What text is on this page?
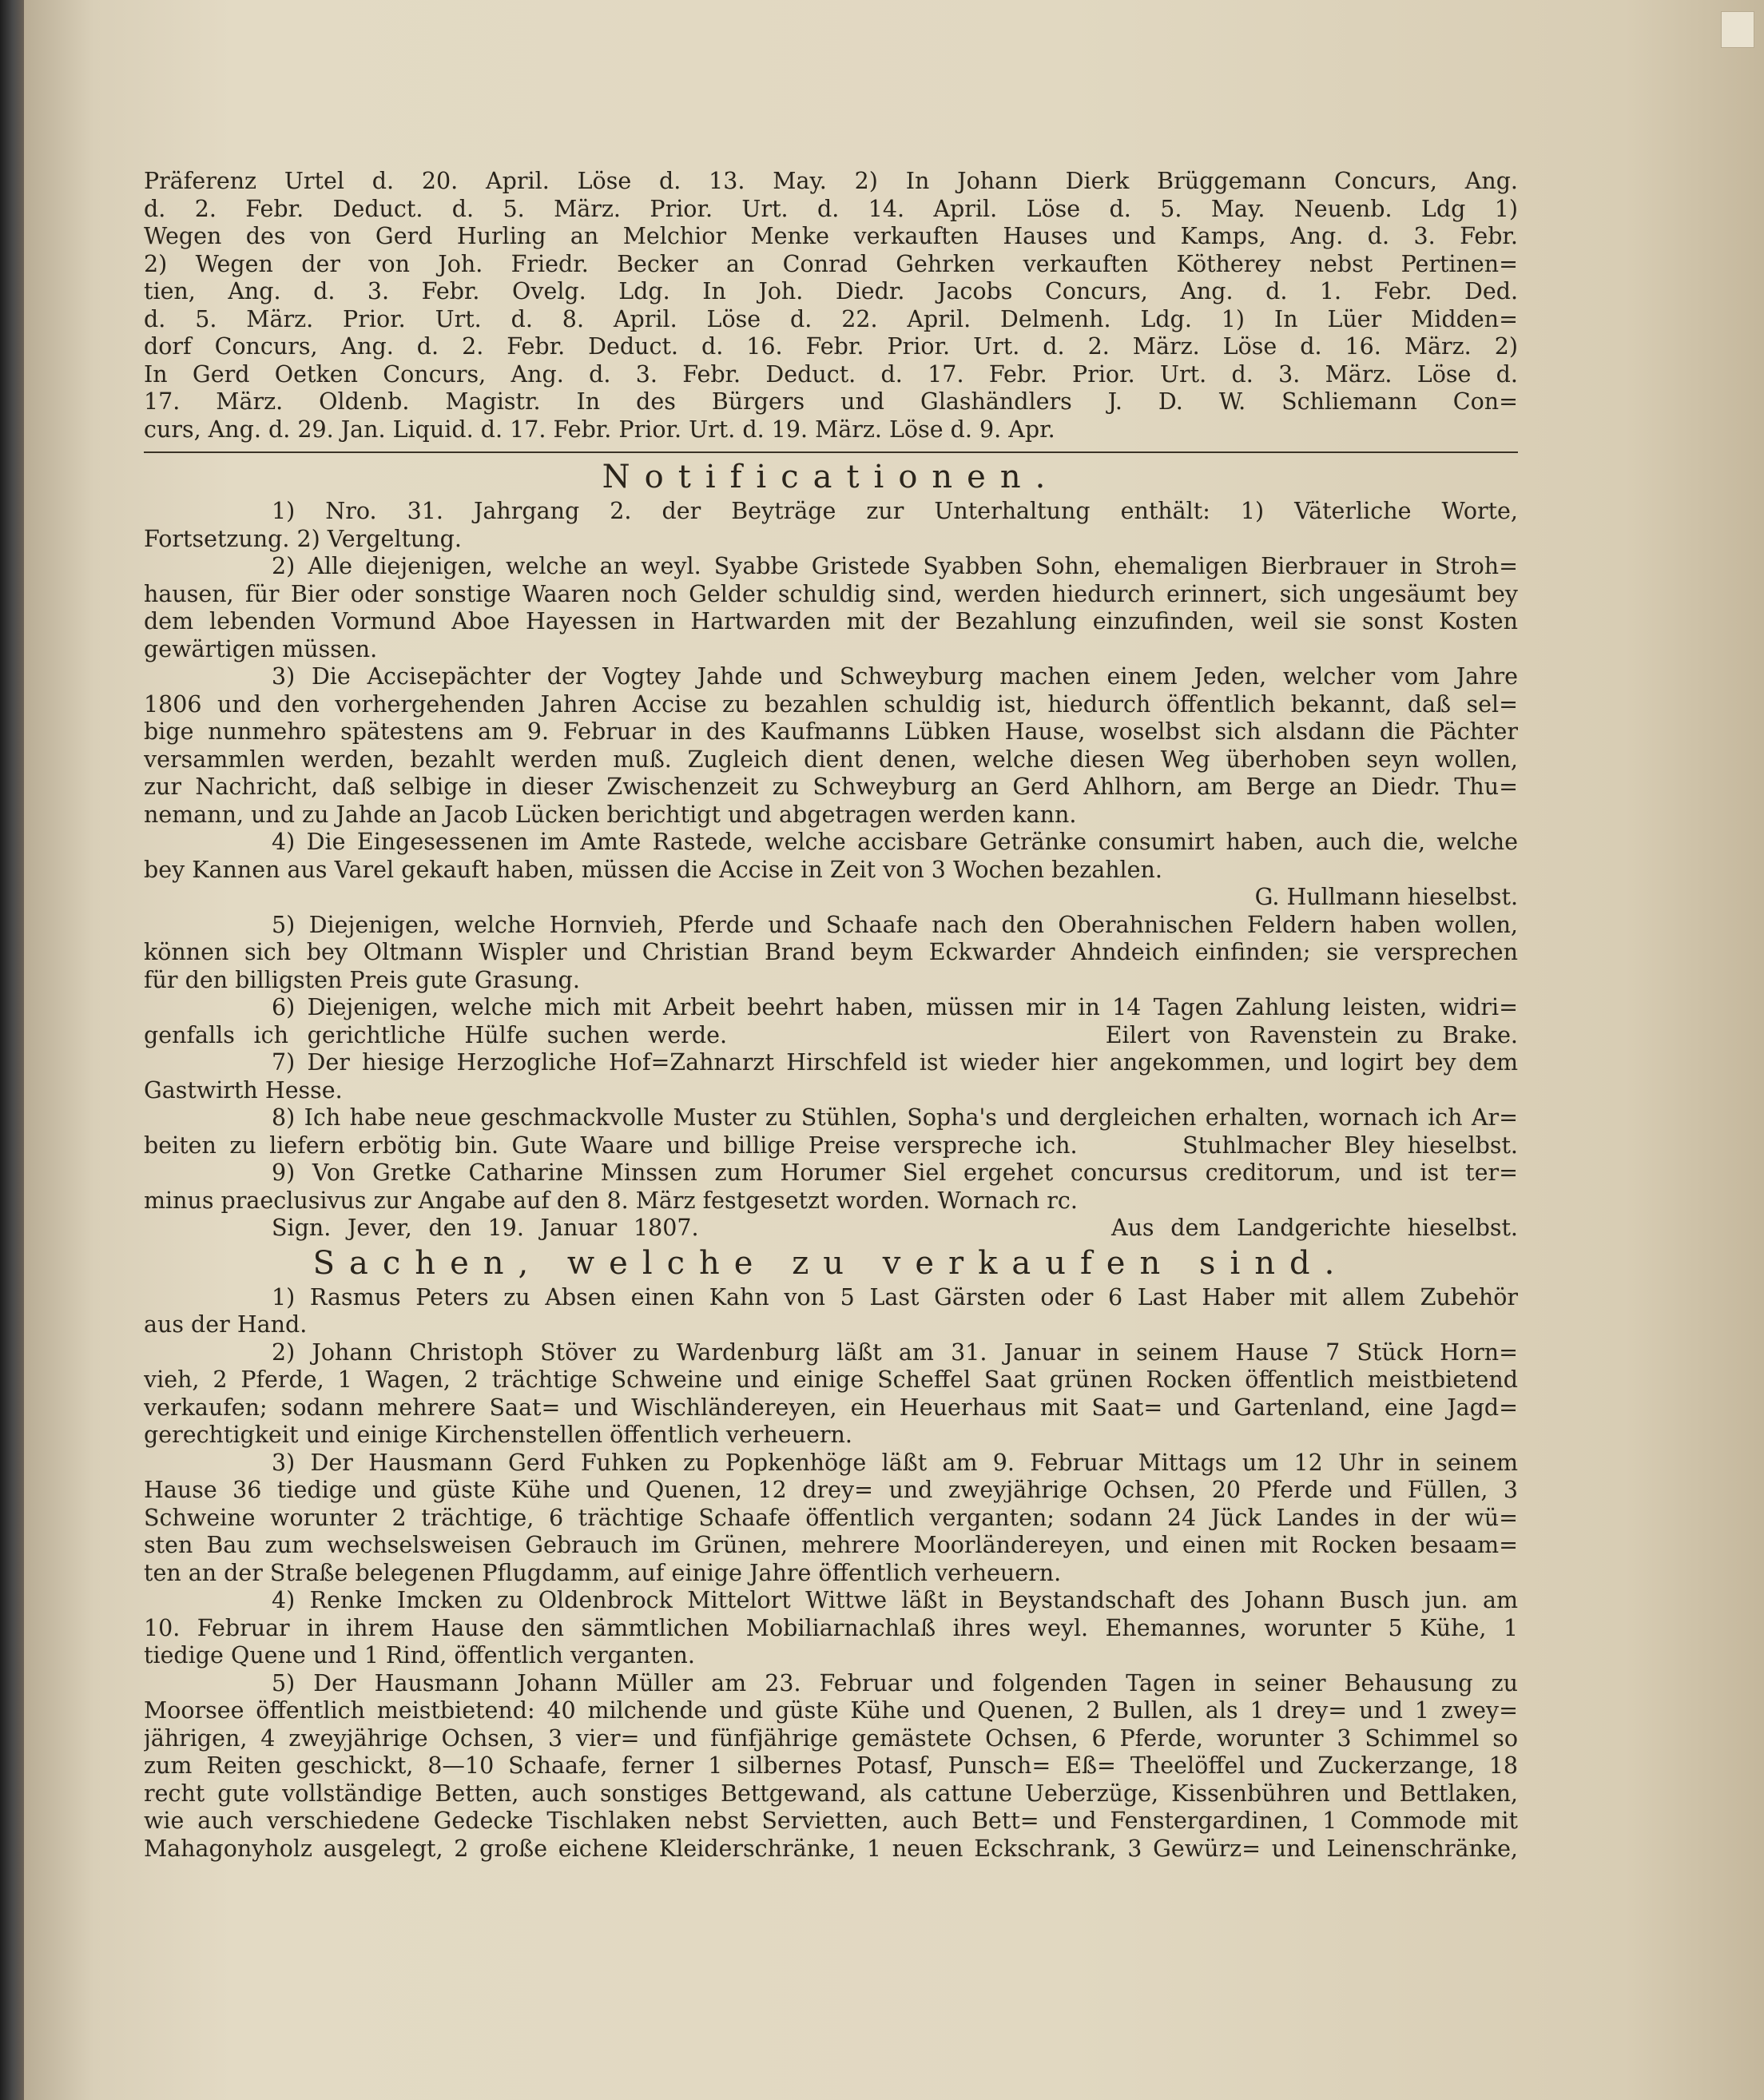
Präferenz Urtel d. 20. April. Löse d. 13. May. 2) In Johann Dierk Brüggemann Concurs, Ang.
d. 2. Febr. Deduct. d. 5. März. Prior. Urt. d. 14. April. Löse d. 5. May. Neuenb. Ldg 1)
Wegen des von Gerd Hurling an Melchior Menke verkauften Hauses und Kamps, Ang. d. 3. Febr.
2) Wegen der von Joh. Friedr. Becker an Conrad Gehrken verkauften Kötherey nebst Pertinen=
tien, Ang. d. 3. Febr. Ovelg. Ldg. In Joh. Diedr. Jacobs Concurs, Ang. d. 1. Febr. Ded.
d. 5. März. Prior. Urt. d. 8. April. Löse d. 22. April. Delmenh. Ldg. 1) In Lüer Midden=
dorf Concurs, Ang. d. 2. Febr. Deduct. d. 16. Febr. Prior. Urt. d. 2. März. Löse d. 16. März. 2)
In Gerd Oetken Concurs, Ang. d. 3. Febr. Deduct. d. 17. Febr. Prior. Urt. d. 3. März. Löse d.
17. März. Oldenb. Magistr. In des Bürgers und Glashändlers J. D. W. Schliemann Con=
curs, Ang. d. 29. Jan. Liquid. d. 17. Febr. Prior. Urt. d. 19. März. Löse d. 9. Apr.
Notificationen.
1) Nro. 31. Jahrgang 2. der Beyträge zur Unterhaltung enthält: 1) Väterliche Worte,
Fortsetzung. 2) Vergeltung.
2) Alle diejenigen, welche an weyl. Syabbe Gristede Syabben Sohn, ehemaligen Bierbrauer in Stroh=
hausen, für Bier oder sonstige Waaren noch Gelder schuldig sind, werden hiedurch erinnert, sich ungesäumt bey
dem lebenden Vormund Aboe Hayessen in Hartwarden mit der Bezahlung einzufinden, weil sie sonst Kosten
gewärtigen müssen.
3) Die Accisepächter der Vogtey Jahde und Schweyburg machen einem Jeden, welcher vom Jahre
1806 und den vorhergehenden Jahren Accise zu bezahlen schuldig ist, hiedurch öffentlich bekannt, daß sel=
bige nunmehro spätestens am 9. Februar in des Kaufmanns Lübken Hause, woselbst sich alsdann die Pächter
versammlen werden, bezahlt werden muß. Zugleich dient denen, welche diesen Weg überhoben seyn wollen,
zur Nachricht, daß selbige in dieser Zwischenzeit zu Schweyburg an Gerd Ahlhorn, am Berge an Diedr. Thu=
nemann, und zu Jahde an Jacob Lücken berichtigt und abgetragen werden kann.
4) Die Eingesessenen im Amte Rastede, welche accisbare Getränke consumirt haben, auch die, welche
bey Kannen aus Varel gekauft haben, müssen die Accise in Zeit von 3 Wochen bezahlen.
G. Hullmann hieselbst.
5) Diejenigen, welche Hornvieh, Pferde und Schaafe nach den Oberahnischen Feldern haben wollen,
können sich bey Oltmann Wispler und Christian Brand beym Eckwarder Ahndeich einfinden; sie versprechen
für den billigsten Preis gute Grasung.
6) Diejenigen, welche mich mit Arbeit beehrt haben, müssen mir in 14 Tagen Zahlung leisten, widri=
genfalls ich gerichtliche Hülfe suchen werde.                    Eilert von Ravenstein zu Brake.
7) Der hiesige Herzogliche Hof=Zahnarzt Hirschfeld ist wieder hier angekommen, und logirt bey dem
Gastwirth Hesse.
8) Ich habe neue geschmackvolle Muster zu Stühlen, Sopha's und dergleichen erhalten, wornach ich Ar=
beiten zu liefern erbötig bin. Gute Waare und billige Preise verspreche ich.        Stuhlmacher Bley hieselbst.
9) Von Gretke Catharine Minssen zum Horumer Siel ergehet concursus creditorum, und ist ter=
minus praeclusivus zur Angabe auf den 8. März festgesetzt worden. Wornach rc.
Sign. Jever, den 19. Januar 1807.                         Aus dem Landgerichte hieselbst.
Sachen, welche zu verkaufen sind.
1) Rasmus Peters zu Absen einen Kahn von 5 Last Gärsten oder 6 Last Haber mit allem Zubehör
aus der Hand.
2) Johann Christoph Stöver zu Wardenburg läßt am 31. Januar in seinem Hause 7 Stück Horn=
vieh, 2 Pferde, 1 Wagen, 2 trächtige Schweine und einige Scheffel Saat grünen Rocken öffentlich meistbietend
verkaufen; sodann mehrere Saat= und Wischländereyen, ein Heuerhaus mit Saat= und Gartenland, eine Jagd=
gerechtigkeit und einige Kirchenstellen öffentlich verheuern.
3) Der Hausmann Gerd Fuhken zu Popkenhöge läßt am 9. Februar Mittags um 12 Uhr in seinem
Hause 36 tiedige und güste Kühe und Quenen, 12 drey= und zweyjährige Ochsen, 20 Pferde und Füllen, 3
Schweine worunter 2 trächtige, 6 trächtige Schaafe öffentlich verganten; sodann 24 Jück Landes in der wü=
sten Bau zum wechselsweisen Gebrauch im Grünen, mehrere Moorländereyen, und einen mit Rocken besaam=
ten an der Straße belegenen Pflugdamm, auf einige Jahre öffentlich verheuern.
4) Renke Imcken zu Oldenbrock Mittelort Wittwe läßt in Beystandschaft des Johann Busch jun. am
10. Februar in ihrem Hause den sämmtlichen Mobiliarnachlaß ihres weyl. Ehemannes, worunter 5 Kühe, 1
tiedige Quene und 1 Rind, öffentlich verganten.
5) Der Hausmann Johann Müller am 23. Februar und folgenden Tagen in seiner Behausung zu
Moorsee öffentlich meistbietend: 40 milchende und güste Kühe und Quenen, 2 Bullen, als 1 drey= und 1 zwey=
jährigen, 4 zweyjährige Ochsen, 3 vier= und fünfjährige gemästete Ochsen, 6 Pferde, worunter 3 Schimmel so
zum Reiten geschickt, 8—10 Schaafe, ferner 1 silbernes Potasf, Punsch= Eß= Theelöffel und Zuckerzange, 18
recht gute vollständige Betten, auch sonstiges Bettgewand, als cattune Ueberzüge, Kissenbühren und Bettlaken,
wie auch verschiedene Gedecke Tischlaken nebst Servietten, auch Bett= und Fenstergardinen, 1 Commode mit
Mahagonyholz ausgelegt, 2 große eichene Kleiderschränke, 1 neuen Eckschrank, 3 Gewürz= und Leinenschränke,
